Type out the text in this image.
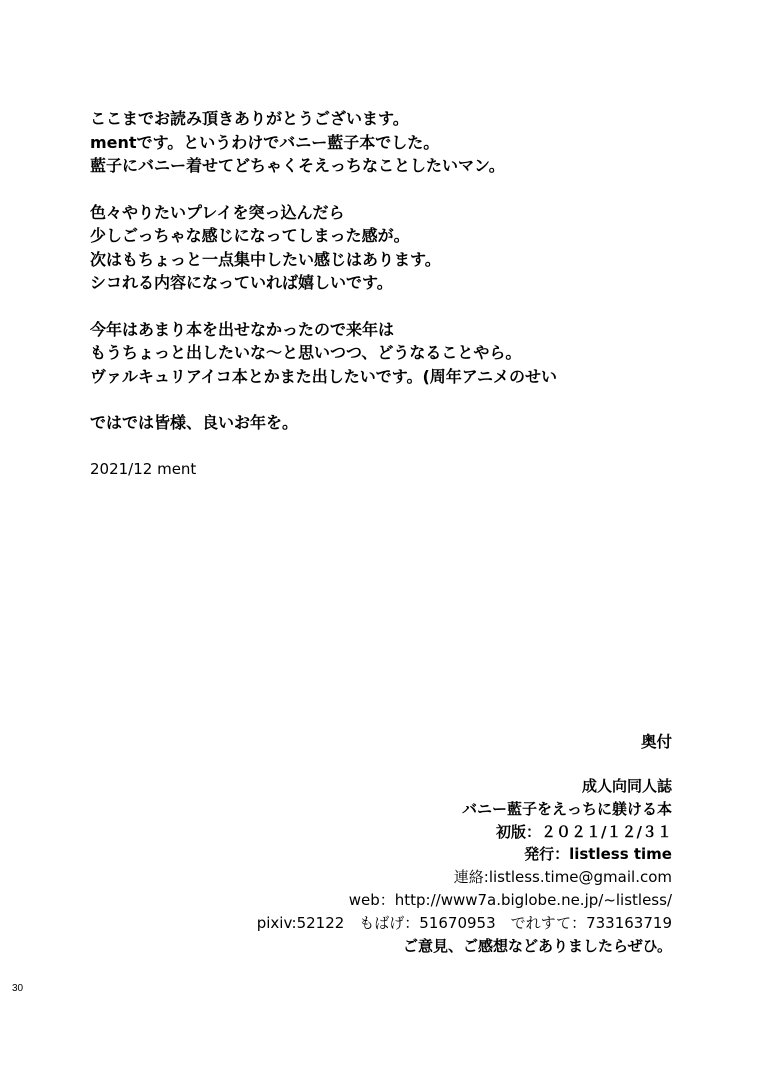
ここまでお読み頂きありがとうございます。
mentです。というわけでバニー藍子本でした。
藍子にバニー着せてどちゃくそえっちなことしたいマン。
色々やりたいプレイを突っ込んだら
少しごっちゃな感じになってしまった感が。
次はもちょっと一点集中したい感じはあります。
シコれる内容になっていれば嬉しいです。
今年はあまり本を出せなかったので来年は
もうちょっと出したいな～と思いつつ、どうなることやら。
ヴァルキュリアイコ本とかまた出したいです。(周年アニメのせい
ではでは皆様、良いお年を。
2021/12 ment
奥付
成人向同人誌
バニー藍子をえっちに躾ける本
初版：２０２１/１２/３１
発行：listless time
連絡:listless.time@gmail.com
web：http://www7a.biglobe.ne.jp/~listless/
pixiv:52122　もばげ：51670953　でれすて：733163719
ご意見、ご感想などありましたらぜひ。
30
